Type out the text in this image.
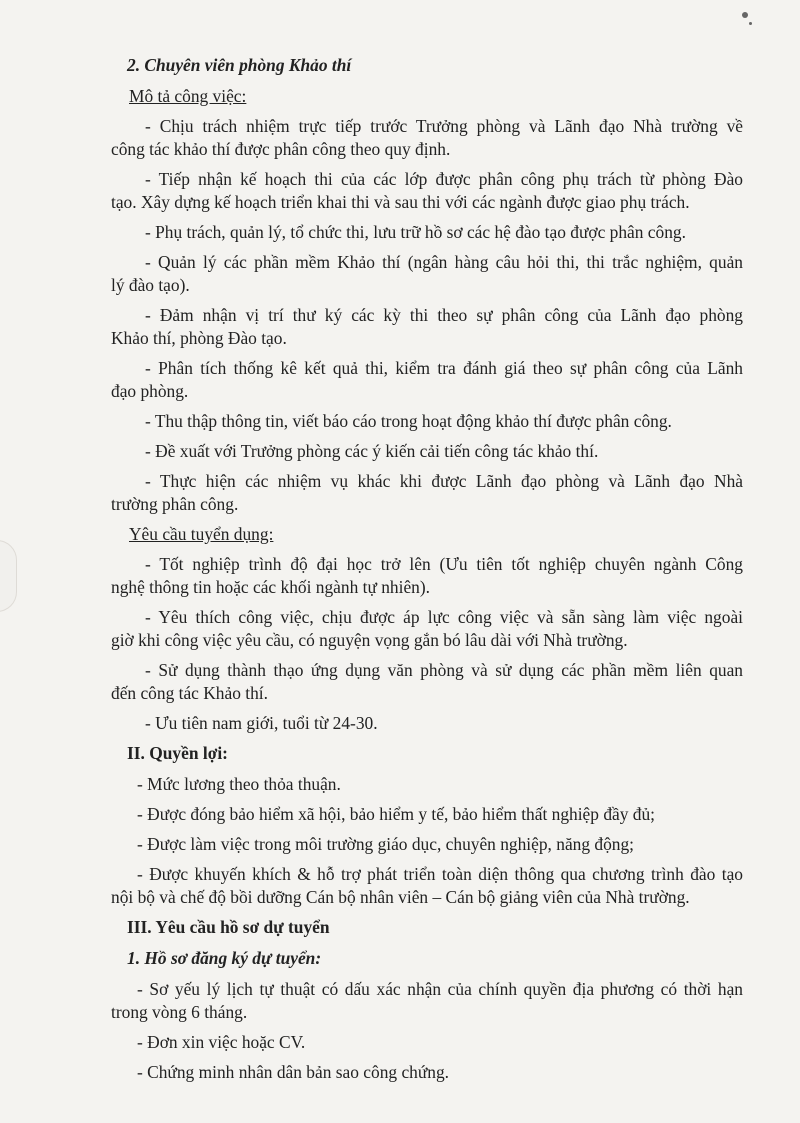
2. Chuyên viên phòng Khảo thí
Mô tả công việc:
- Chịu trách nhiệm trực tiếp trước Trưởng phòng và Lãnh đạo Nhà trường về
công tác khảo thí được phân công theo quy định.
- Tiếp nhận kế hoạch thi của các lớp được phân công phụ trách từ phòng Đào
tạo. Xây dựng kế hoạch triển khai thi và sau thi với các ngành được giao phụ trách.
- Phụ trách, quản lý, tổ chức thi, lưu trữ hồ sơ các hệ đào tạo được phân công.
- Quản lý các phần mềm Khảo thí (ngân hàng câu hỏi thi, thi trắc nghiệm, quản
lý đào tạo).
- Đảm nhận vị trí thư ký các kỳ thi theo sự phân công của Lãnh đạo phòng
Khảo thí, phòng Đào tạo.
- Phân tích thống kê kết quả thi, kiểm tra đánh giá theo sự phân công của Lãnh
đạo phòng.
- Thu thập thông tin, viết báo cáo trong hoạt động khảo thí được phân công.
- Đề xuất với Trưởng phòng các ý kiến cải tiến công tác khảo thí.
- Thực hiện các nhiệm vụ khác khi được Lãnh đạo phòng và Lãnh đạo Nhà
trường phân công.
Yêu cầu tuyển dụng:
- Tốt nghiệp trình độ đại học trở lên (Ưu tiên tốt nghiệp chuyên ngành Công
nghệ thông tin hoặc các khối ngành tự nhiên).
- Yêu thích công việc, chịu được áp lực công việc và sẵn sàng làm việc ngoài
giờ khi công việc yêu cầu, có nguyện vọng gắn bó lâu dài với Nhà trường.
- Sử dụng thành thạo ứng dụng văn phòng và sử dụng các phần mềm liên quan
đến công tác Khảo thí.
- Ưu tiên nam giới, tuổi từ 24-30.
II. Quyền lợi:
- Mức lương theo thỏa thuận.
- Được đóng bảo hiểm xã hội, bảo hiểm y tế, bảo hiểm thất nghiệp đầy đủ;
- Được làm việc trong môi trường giáo dục, chuyên nghiệp, năng động;
- Được khuyến khích & hỗ trợ phát triển toàn diện thông qua chương trình đào tạo
nội bộ và chế độ bồi dưỡng Cán bộ nhân viên – Cán bộ giảng viên của Nhà trường.
III. Yêu cầu hồ sơ dự tuyển
1. Hồ sơ đăng ký dự tuyển:
- Sơ yếu lý lịch tự thuật có dấu xác nhận của chính quyền địa phương có thời hạn
trong vòng 6 tháng.
- Đơn xin việc hoặc CV.
- Chứng minh nhân dân bản sao công chứng.
